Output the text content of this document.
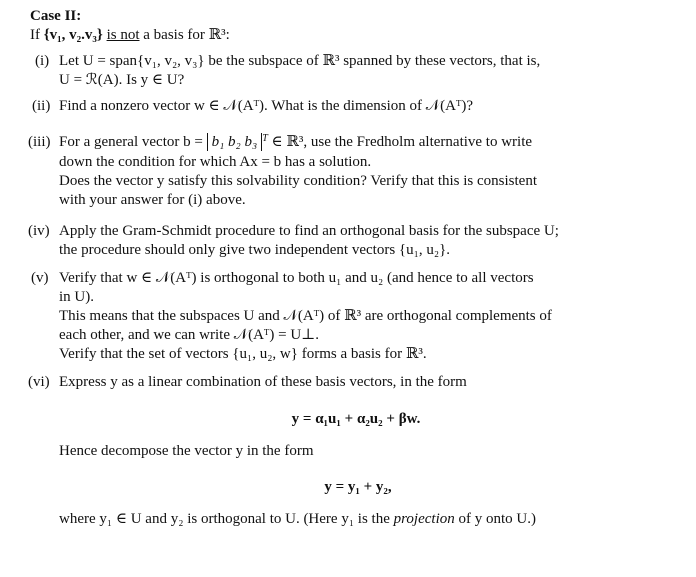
Case II:
If {v₁, v₂.v₃} is not a basis for ℝ³:
(i) Let U = span{v₁, v₂, v₃} be the subspace of ℝ³ spanned by these vectors, that is,
U = ℛ(A). Is y ∈ U?
(ii) Find a nonzero vector w ∈ 𝒩(Aᵀ). What is the dimension of 𝒩(Aᵀ)?
(iii) For a general vector b = b₁ b₂ b₃ $^T$ ∈ ℝ³, use the Fredholm alternative to write
down the condition for which Ax = b has a solution.
Does the vector y satisfy this solvability condition? Verify that this is consistent
with your answer for (i) above.
(iv) Apply the Gram-Schmidt procedure to find an orthogonal basis for the subspace U;
the procedure should only give two independent vectors {u₁, u₂}.
(v) Verify that w ∈ 𝒩(Aᵀ) is orthogonal to both u₁ and u₂ (and hence to all vectors
in U).
This means that the subspaces U and 𝒩(Aᵀ) of ℝ³ are orthogonal complements of
each other, and we can write 𝒩(Aᵀ) = U⊥.
Verify that the set of vectors {u₁, u₂, w} forms a basis for ℝ³.
(vi) Express y as a linear combination of these basis vectors, in the form
y = α₁u₁ + α₂u₂ + βw.
Hence decompose the vector y in the form
y = y₁ + y₂,
where y₁ ∈ U and y₂ is orthogonal to U. (Here y₁ is the projection of y onto U.)
